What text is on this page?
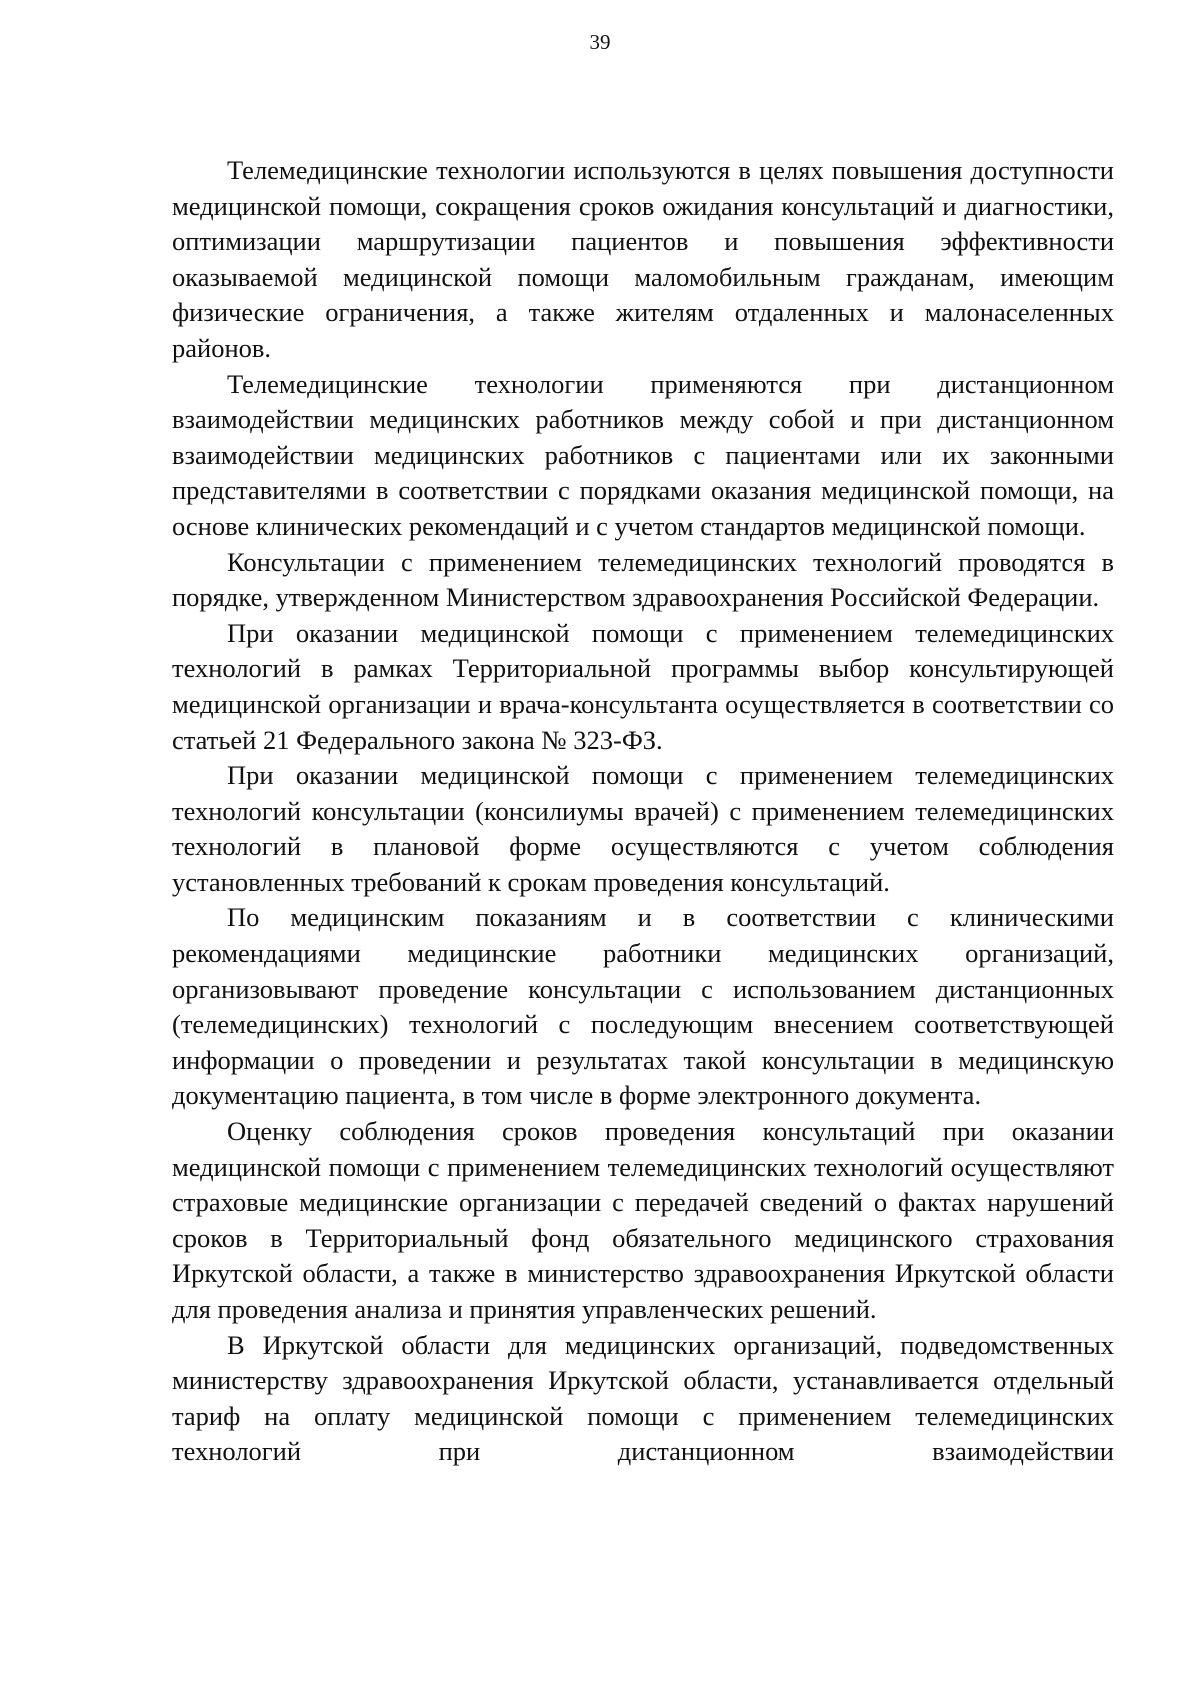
39

Телемедицинские технологии используются в целях повышения доступности медицинской помощи, сокращения сроков ожидания консультаций и диагностики, оптимизации маршрутизации пациентов и повышения эффективности оказываемой медицинской помощи маломобильным гражданам, имеющим физические ограничения, а также жителям отдаленных и малонаселенных районов.

Телемедицинские технологии применяются при дистанционном взаимодействии медицинских работников между собой и при дистанционном взаимодействии медицинских работников с пациентами или их законными представителями в соответствии с порядками оказания медицинской помощи, на основе клинических рекомендаций и с учетом стандартов медицинской помощи.

Консультации с применением телемедицинских технологий проводятся в порядке, утвержденном Министерством здравоохранения Российской Федерации.

При оказании медицинской помощи с применением телемедицинских технологий в рамках Территориальной программы выбор консультирующей медицинской организации и врача-консультанта осуществляется в соответствии со статьей 21 Федерального закона № 323-ФЗ.

При оказании медицинской помощи с применением телемедицинских технологий консультации (консилиумы врачей) с применением телемедицинских технологий в плановой форме осуществляются с учетом соблюдения установленных требований к срокам проведения консультаций.

По медицинским показаниям и в соответствии с клиническими рекомендациями медицинские работники медицинских организаций, организовывают проведение консультации с использованием дистанционных (телемедицинских) технологий с последующим внесением соответствующей информации о проведении и результатах такой консультации в медицинскую документацию пациента, в том числе в форме электронного документа.

Оценку соблюдения сроков проведения консультаций при оказании медицинской помощи с применением телемедицинских технологий осуществляют страховые медицинские организации с передачей сведений о фактах нарушений сроков в Территориальный фонд обязательного медицинского страхования Иркутской области, а также в министерство здравоохранения Иркутской области для проведения анализа и принятия управленческих решений.

В Иркутской области для медицинских организаций, подведомственных министерству здравоохранения Иркутской области, устанавливается отдельный тариф на оплату медицинской помощи с применением телемедицинских технологий при дистанционном взаимодействии
